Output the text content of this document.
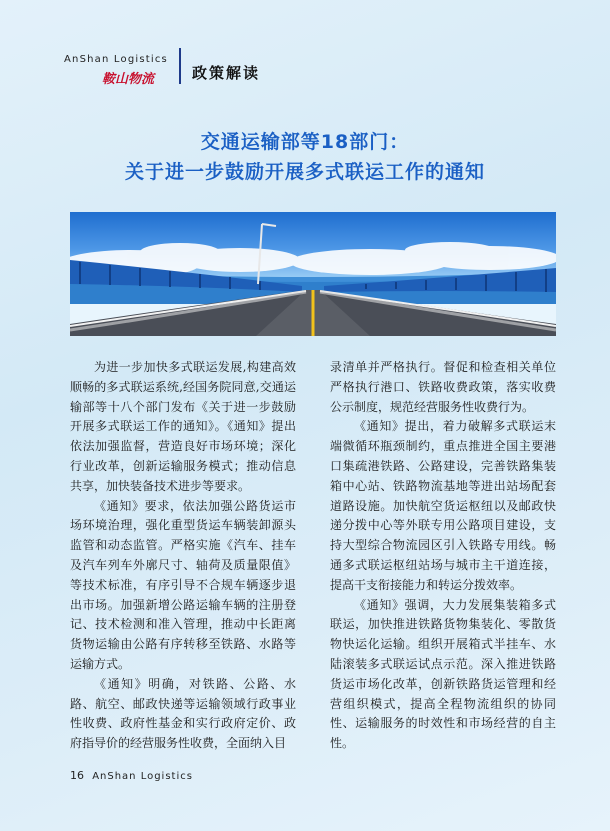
AnShan Logistics
鞍山物流	政策解读
交通运输部等18部门：
关于进一步鼓励开展多式联运工作的通知

为进一步加快多式联运发展,构建高效顺畅的多式联运系统,经国务院同意,交通运输部等十八个部门发布《关于进一步鼓励开展多式联运工作的通知》。《通知》提出依法加强监督，营造良好市场环境；深化行业改革，创新运输服务模式；推动信息共享，加快装备技术进步等要求。

《通知》要求，依法加强公路货运市场环境治理，强化重型货运车辆装卸源头监管和动态监管。严格实施《汽车、挂车及汽车列车外廓尺寸、轴荷及质量限值》等技术标准，有序引导不合规车辆逐步退出市场。加强新增公路运输车辆的注册登记、技术检测和准入管理，推动中长距离货物运输由公路有序转移至铁路、水路等运输方式。

《通知》明确，对铁路、公路、水路、航空、邮政快递等运输领域行政事业性收费、政府性基金和实行政府定价、政府指导价的经营服务性收费，全面纳入目

录清单并严格执行。督促和检查相关单位严格执行港口、铁路收费政策，落实收费公示制度，规范经营服务性收费行为。

《通知》提出，着力破解多式联运末端微循环瓶颈制约，重点推进全国主要港口集疏港铁路、公路建设，完善铁路集装箱中心站、铁路物流基地等进出站场配套道路设施。加快航空货运枢纽以及邮政快递分拨中心等外联专用公路项目建设，支持大型综合物流园区引入铁路专用线。畅通多式联运枢纽站场与城市主干道连接，提高干支衔接能力和转运分拨效率。

《通知》强调，大力发展集装箱多式联运，加快推进铁路货物集装化、零散货物快运化运输。组织开展箱式半挂车、水陆滚装多式联运试点示范。深入推进铁路货运市场化改革，创新铁路货运管理和经营组织模式，提高全程物流组织的协同性、运输服务的时效性和市场经营的自主性。

16 AnShan Logistics
